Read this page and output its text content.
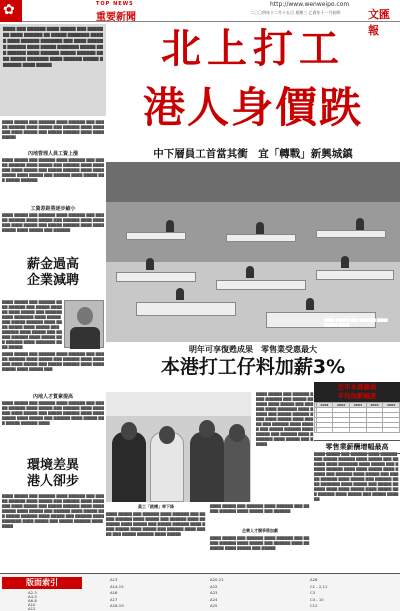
✿	TOP NEWS
重要新聞
http://www.wenweipo.com
二〇〇四年十二月十五日 星期三 乙酉年十一月初四 文匯報
▇▇▇▇ ▇▇▇ ▇▇▇▇▇▇ ▇▇▇▇ ▇▇▇▇▇ ▇▇▇ ▇▇▇▇▇▇▇ ▇▇▇▇ ▇▇▇▇▇▇ ▇▇ ▇▇▇▇▇ ▇▇▇▇▇▇▇ ▇▇▇▇▇ ▇▇▇▇ ▇▇▇▇▇▇ ▇▇▇▇▇▇▇ ▇▇▇ ▇▇▇▇ ▇▇▇▇▇▇ ▇▇▇▇▇▇ ▇▇▇▇ ▇▇▇▇▇ ▇▇▇▇▇▇▇ ▇▇▇▇▇ ▇▇▇ ▇▇▇▇▇▇ ▇▇▇▇ ▇▇▇▇▇▇ ▇▇▇▇▇ ▇▇▇▇▇▇ ▇▇▇▇ ▇▇▇▇▇ ▇▇▇▇▇▇▇ ▇▇▇▇ ▇▇▇▇▇▇ ▇▇▇▇▇ ▇▇▇▇▇▇▇ ▇▇▇▇ ▇▇▇▇▇
▇▇▇▇ ▇▇▇▇▇ ▇▇▇ ▇▇▇▇▇▇ ▇▇▇▇ ▇▇▇▇▇▇ ▇▇▇ ▇▇▇▇▇ ▇▇▇▇▇▇ ▇▇▇▇ ▇▇▇▇▇ ▇▇▇ ▇▇▇▇▇▇ ▇▇▇▇ ▇▇▇▇▇▇▇ ▇▇▇▇ ▇▇▇▇▇ ▇▇▇ ▇▇▇▇▇ ▇▇▇▇▇▇ ▇▇▇▇ ▇▇▇▇ ▇▇▇▇▇
內地管理人員工資上漲
▇▇▇▇ ▇▇▇▇▇ ▇▇▇ ▇▇▇▇▇▇ ▇▇▇▇ ▇▇▇▇▇▇ ▇▇▇ ▇▇▇▇▇ ▇▇▇▇▇▇ ▇▇▇▇ ▇▇▇▇▇ ▇▇▇ ▇▇▇▇▇▇ ▇▇▇▇ ▇▇▇▇▇▇▇ ▇▇▇▇ ▇▇▇▇▇ ▇▇▇ ▇▇▇▇▇ ▇▇▇▇▇▇ ▇▇▇▇ ▇▇▇▇ ▇▇▇▇▇ ▇▇▇▇ ▇▇▇▇▇ ▇▇▇ ▇▇▇▇▇▇ ▇▇▇▇ ▇▇▇▇▇ ▇▇▇ ▇▇▇▇▇ ▇▇▇▇▇▇
工資差距將逐步縮小
▇▇▇▇ ▇▇▇▇▇ ▇▇▇ ▇▇▇▇▇▇ ▇▇▇▇ ▇▇▇▇▇▇ ▇▇▇ ▇▇▇▇▇ ▇▇▇▇▇▇ ▇▇▇▇ ▇▇▇▇▇ ▇▇▇ ▇▇▇▇▇▇ ▇▇▇▇ ▇▇▇▇▇▇▇ ▇▇▇▇ ▇▇▇▇▇ ▇▇▇ ▇▇▇▇▇ ▇▇▇▇▇▇ ▇▇▇▇ ▇▇▇▇ ▇▇▇▇▇ ▇▇▇▇ ▇▇▇▇▇ ▇▇▇ ▇▇▇▇▇▇
薪金過高
企業減聘
▇▇▇▇ ▇▇▇▇▇ ▇▇▇ ▇▇▇▇▇▇ ▇▇▇▇ ▇▇▇▇▇▇ ▇▇▇ ▇▇▇▇▇ ▇▇▇▇▇▇ ▇▇▇▇ ▇▇▇▇▇ ▇▇▇ ▇▇▇▇▇▇ ▇▇▇▇ ▇▇▇▇▇▇▇ ▇▇▇▇ ▇▇▇▇▇ ▇▇▇ ▇▇▇▇▇ ▇▇▇▇▇▇ ▇▇▇▇ ▇▇▇▇ ▇▇▇▇▇ ▇▇▇▇ ▇▇▇▇▇ ▇▇▇ ▇▇▇▇▇▇ ▇▇▇▇ ▇▇▇▇▇ ▇▇▇ ▇▇▇▇▇ ▇▇▇▇▇▇ ▇▇▇▇ ▇▇▇▇▇ ▇▇▇ ▇▇▇▇▇▇ ▇▇▇▇ ▇▇▇▇▇▇▇ ▇▇▇▇ ▇▇▇▇▇
▇▇▇▇ ▇▇▇▇▇ ▇▇▇ ▇▇▇▇▇▇ ▇▇▇▇ ▇▇▇▇▇▇ ▇▇▇ ▇▇▇▇▇ ▇▇▇▇▇▇ ▇▇▇▇ ▇▇▇▇▇ ▇▇▇ ▇▇▇▇▇▇ ▇▇▇▇ ▇▇▇▇▇▇▇ ▇▇▇▇ ▇▇▇▇▇ ▇▇▇ ▇▇▇▇▇ ▇▇▇▇▇▇ ▇▇▇▇ ▇▇▇▇ ▇▇▇▇▇ ▇▇▇▇ ▇▇▇▇▇ ▇▇▇
內地人才質素提高
▇▇▇▇ ▇▇▇▇▇ ▇▇▇ ▇▇▇▇▇▇ ▇▇▇▇ ▇▇▇▇▇▇ ▇▇▇ ▇▇▇▇▇ ▇▇▇▇▇▇ ▇▇▇▇ ▇▇▇▇▇ ▇▇▇ ▇▇▇▇▇▇ ▇▇▇▇ ▇▇▇▇▇▇▇ ▇▇▇▇ ▇▇▇▇▇ ▇▇▇ ▇▇▇▇▇ ▇▇▇▇▇▇ ▇▇▇▇ ▇▇▇▇ ▇▇▇▇▇ ▇▇▇▇ ▇▇▇▇▇ ▇▇▇ ▇▇▇▇▇▇ ▇▇▇▇ ▇▇▇▇▇ ▇▇▇ ▇▇▇▇▇ ▇▇▇▇▇▇ ▇▇▇▇
環境差異
港人卻步
▇▇▇▇ ▇▇▇▇▇ ▇▇▇ ▇▇▇▇▇▇ ▇▇▇▇ ▇▇▇▇▇▇ ▇▇▇ ▇▇▇▇▇ ▇▇▇▇▇▇ ▇▇▇▇ ▇▇▇▇▇ ▇▇▇ ▇▇▇▇▇▇ ▇▇▇▇ ▇▇▇▇▇▇▇ ▇▇▇▇ ▇▇▇▇▇ ▇▇▇ ▇▇▇▇▇ ▇▇▇▇▇▇ ▇▇▇▇ ▇▇▇▇ ▇▇▇▇▇ ▇▇▇▇ ▇▇▇▇▇ ▇▇▇ ▇▇▇▇▇▇ ▇▇▇▇ ▇▇▇▇▇ ▇▇▇ ▇▇▇▇▇ ▇▇▇▇▇▇ ▇▇▇▇ ▇▇▇▇▇ ▇▇▇ ▇▇▇▇▇▇ ▇▇▇▇ ▇▇▇▇▇▇▇ ▇▇▇▇ ▇▇▇▇▇ ▇▇▇ ▇▇▇▇▇ ▇▇▇▇▇▇ ▇▇▇▇ ▇▇▇▇
北上打工
港人身價跌
中下層員工首當其衝　宜「轉戰」新興城鎮
▇▇▇▇ ▇▇▇▇▇ ▇▇▇ ▇▇▇▇▇▇ ▇▇▇▇ ▇▇▇▇▇ ▇▇▇▇
明年可享復甦成果　零售業受惠最大
本港打工仔料加薪3%
▇▇▇▇ ▇▇▇▇▇ ▇▇▇ ▇▇▇▇▇▇ ▇▇▇▇ ▇▇▇▇▇▇ ▇▇▇ ▇▇▇▇▇ ▇▇▇▇▇▇ ▇▇▇▇ ▇▇▇▇▇ ▇▇▇ ▇▇▇▇▇▇ ▇▇▇▇ ▇▇▇▇▇▇▇ ▇▇▇▇ ▇▇▇▇▇ ▇▇▇ ▇▇▇▇▇ ▇▇▇▇▇▇ ▇▇▇▇ ▇▇▇▇ ▇▇▇▇▇ ▇▇▇▇ ▇▇▇▇▇ ▇▇▇ ▇▇▇▇▇▇ ▇▇▇▇ ▇▇▇▇▇ ▇▇▇ ▇▇▇▇▇ ▇▇▇▇▇▇ ▇▇▇▇ ▇▇▇▇▇ ▇▇▇ ▇▇▇▇▇▇ ▇▇▇▇ ▇▇▇▇▇▇▇ ▇▇▇▇ ▇▇▇▇▇ ▇▇▇ ▇▇▇▇▇
員工「跳槽」率下降
▇▇▇▇ ▇▇▇▇▇ ▇▇▇ ▇▇▇▇▇▇ ▇▇▇▇ ▇▇▇▇▇▇ ▇▇▇ ▇▇▇▇▇ ▇▇▇▇▇▇ ▇▇▇▇ ▇▇▇▇▇ ▇▇▇ ▇▇▇▇▇▇ ▇▇▇▇ ▇▇▇▇▇▇▇ ▇▇▇▇ ▇▇▇▇▇ ▇▇▇ ▇▇▇▇▇ ▇▇▇▇▇▇ ▇▇▇▇ ▇▇▇▇ ▇▇▇▇▇ ▇▇▇▇ ▇▇▇▇▇ ▇▇▇ ▇▇▇▇▇▇ ▇▇▇▇ ▇▇▇▇▇ ▇▇▇ ▇▇▇▇▇ ▇▇▇▇▇▇ ▇▇▇▇ ▇▇▇▇▇
▇▇▇▇ ▇▇▇▇▇ ▇▇▇ ▇▇▇▇▇▇ ▇▇▇▇ ▇▇▇▇▇▇ ▇▇▇ ▇▇▇▇▇ ▇▇▇▇▇▇ ▇▇▇▇ ▇▇▇▇▇ ▇▇▇ ▇▇▇▇▇▇
企業人才競爭將加劇
▇▇▇▇ ▇▇▇▇▇ ▇▇▇ ▇▇▇▇▇▇ ▇▇▇▇ ▇▇▇▇▇▇ ▇▇▇ ▇▇▇▇▇ ▇▇▇▇▇▇ ▇▇▇▇ ▇▇▇▇▇ ▇▇▇ ▇▇▇▇▇▇ ▇▇▇▇ ▇▇▇▇▇▇▇ ▇▇▇▇ ▇▇▇▇▇ ▇▇▇ ▇▇▇▇▇
近年本港僱員
平均加薪幅度
	2001	2002	2003	2004	2005

零售業薪酬增幅最高
▇▇▇▇ ▇▇▇▇▇ ▇▇▇ ▇▇▇▇▇▇ ▇▇▇▇ ▇▇▇▇▇▇ ▇▇▇ ▇▇▇▇▇ ▇▇▇▇▇▇ ▇▇▇▇ ▇▇▇▇▇ ▇▇▇ ▇▇▇▇▇▇ ▇▇▇▇ ▇▇▇▇▇▇▇ ▇▇▇▇ ▇▇▇▇▇ ▇▇▇ ▇▇▇▇▇ ▇▇▇▇▇▇ ▇▇▇▇ ▇▇▇▇ ▇▇▇▇▇ ▇▇▇▇ ▇▇▇▇▇ ▇▇▇ ▇▇▇▇▇▇ ▇▇▇▇ ▇▇▇▇▇ ▇▇▇ ▇▇▇▇▇ ▇▇▇▇▇▇ ▇▇▇▇ ▇▇▇▇▇ ▇▇▇ ▇▇▇▇▇▇ ▇▇▇▇ ▇▇▇▇▇▇▇ ▇▇▇▇ ▇▇▇▇▇ ▇▇▇ ▇▇▇▇▇ ▇▇▇▇▇▇ ▇▇▇▇ ▇▇▇▇ ▇▇▇▇▇ ▇▇▇▇ ▇▇▇▇▇ ▇▇▇ ▇▇▇▇▇▇ ▇▇▇▇ ▇▇▇▇▇ ▇▇▇ ▇▇▇▇▇ ▇▇▇▇▇▇
版面索引
A2-3
A4-5
A6-8
A10
A12
A13
A14-15
A16
A17
A18-19
A20-21
A22
A23
A24
A25
A26
C1 - 2,11
C3
C4 - 10
C12
